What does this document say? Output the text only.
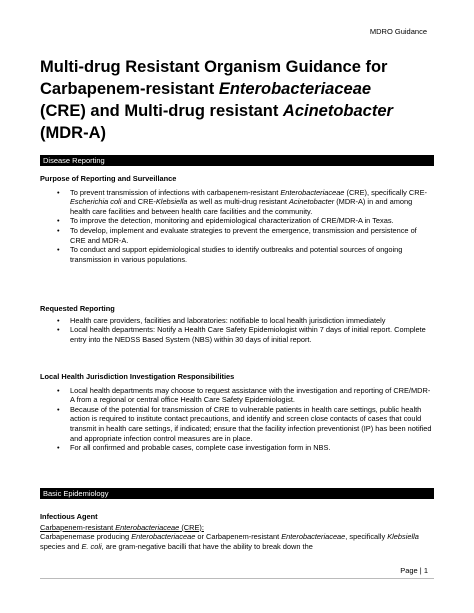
MDRO Guidance
Multi-drug Resistant Organism Guidance for
Carbapenem-resistant Enterobacteriaceae
(CRE) and Multi-drug resistant Acinetobacter
(MDR-A)
Disease Reporting
Purpose of Reporting and Surveillance
• To prevent transmission of infections with carbapenem-resistant Enterobacteriaceae (CRE), specifically CRE-Escherichia coli and CRE-Klebsiella as well as multi-drug resistant Acinetobacter (MDR-A) in and among health care facilities and between health care facilities and the community.
• To improve the detection, monitoring and epidemiological characterization of CRE/MDR-A in Texas.
• To develop, implement and evaluate strategies to prevent the emergence, transmission and persistence of CRE and MDR-A.
• To conduct and support epidemiological studies to identify outbreaks and potential sources of ongoing transmission in various populations.
Requested Reporting
• Health care providers, facilities and laboratories: notifiable to local health jurisdiction immediately
• Local health departments: Notify a Health Care Safety Epidemiologist within 7 days of initial report. Complete entry into the NEDSS Based System (NBS) within 30 days of initial report.
Local Health Jurisdiction Investigation Responsibilities
• Local health departments may choose to request assistance with the investigation and reporting of CRE/MDR-A from a regional or central office Health Care Safety Epidemiologist.
• Because of the potential for transmission of CRE to vulnerable patients in health care settings, public health action is required to institute contact precautions, and identify and screen close contacts of cases that could transmit in health care settings, if indicated; ensure that the facility infection preventionist (IP) has been notified and appropriate infection control measures are in place.
• For all confirmed and probable cases, complete case investigation form in NBS.
Basic Epidemiology
Infectious Agent
Carbapenem-resistant Enterobacteriaceae (CRE):
Carbapenemase producing Enterobacteriaceae or Carbapenem-resistant Enterobacteriaceae, specifically Klebsiella species and E. coli, are gram-negative bacilli that have the ability to break down the
Page | 1
